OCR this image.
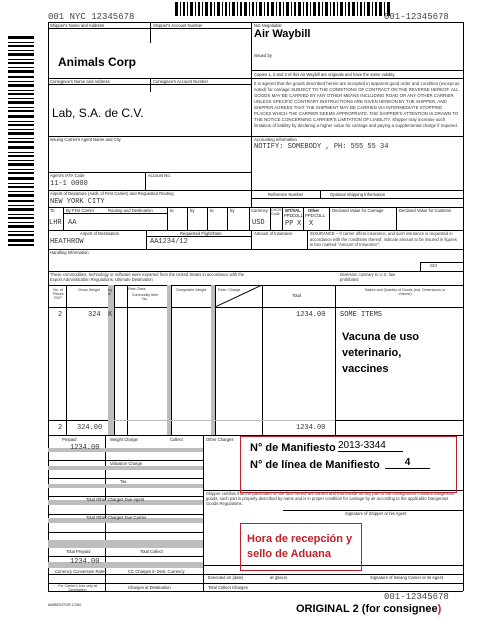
001 NYC 12345678	001-12345678
Shipper's Name and Address	Shipper's Account Number	Not Negotiable
Air Waybill
Issued by
Copies 1, 2 and 3 of this Air Waybill are originals and have the same validity.
Consignee's Name and Address	Consignee's Account Number	It is agreed that the goods described herein are accepted in apparent good order and condition (except as noted) for carriage SUBJECT TO THE CONDITIONS OF CONTRACT ON THE REVERSE HEREOF. ALL GOODS MAY BE CARRIED BY ANY OTHER MEANS INCLUDING ROAD OR ANY OTHER CARRIER UNLESS SPECIFIC CONTRARY INSTRUCTIONS ARE GIVEN HEREON BY THE SHIPPER, AND SHIPPER AGREES THAT THE SHIPMENT MAY BE CARRIED VIA INTERMEDIATE STOPPING PLACES WHICH THE CARRIER DEEMS APPROPRIATE. THE SHIPPER'S ATTENTION IS DRAWN TO THE NOTICE CONCERNING CARRIER'S LIMITATION OF LIABILITY. Shipper may increase such limitation of liability by declaring a higher value for carriage and paying a supplemental charge if required.
Issuing Carrier's Agent Name and City	Accounting Information
Agent's IATA Code	Account No.
Airport of Departure (Addr. of First Carrier) and Requested Routing	Reference Number	Optional Shipping Information
To	By First Carrier	Routing and Destination	to	by	to	by	Currency CHGS Code
WT/VAL Other
PPD COLL PPD COLL
Declared Value for Carriage	Declared Value for Customs
Airport of Destination	Requested Flight/Date	Amount of Insurance	INSURANCE – If carrier offers insurance, and such insurance is requested in accordance with the conditions thereof, indicate amount to be insured in figures in box marked "Amount of Insurance".
Handling Information
SCI
These commodities, technology or software were exported from the United States in accordance with the Export Administration Regulations. Ultimate Destination
Diversion contrary to U.S. law prohibited
No. of Pieces RCP
Gross Weight	kg lb
Rate Class
Commodity Item No.
Chargeable Weight	Rate / Charge
Total
Nature and Quantity of Goods (incl. Dimensions or Volume)
Prepaid	Weight Charge	Collect	Other Charges
Valuation Charge
Tax
Total Other Charges Due Agent
Total Other Charges Due Carrier
Shipper certifies that the particulars on the face hereof are correct and that insofar as any part of the consignment contains dangerous goods, such part is properly described by name and is in proper condition for carriage by air according to the applicable Dangerous Goods Regulations.
Signature of Shipper or his Agent
Total Prepaid	Total Collect
Currency Conversion Rates	CC Charges in Dest. Currency
Executed on (date)	at (place)	Signature of Issuing Carrier or its Agent
For Carrier's Use only at Destination
Charges at Destination	Total Collect Charges
AWBEDITOR.COM
Animals Corp
Lab, S.A. de C.V.
NOTIFY: SOMEBODY , PH: 555 55 34
11-1 0000
NEW YORK CITY
LHR AA	USD	PP X X
HEATHROW	AA1234/12
2	324 K	1234.00 SOME ITEMS
Vacuna de uso
veterinario,
vaccines
2 324.00	1234.00
1234.00
1234.00
N° de Manifiesto 2013-3344
N° de línea de Manifiesto	4
Hora de recepción y
sello de Aduana
001-12345678
ORIGINAL 2 (for consignee)
